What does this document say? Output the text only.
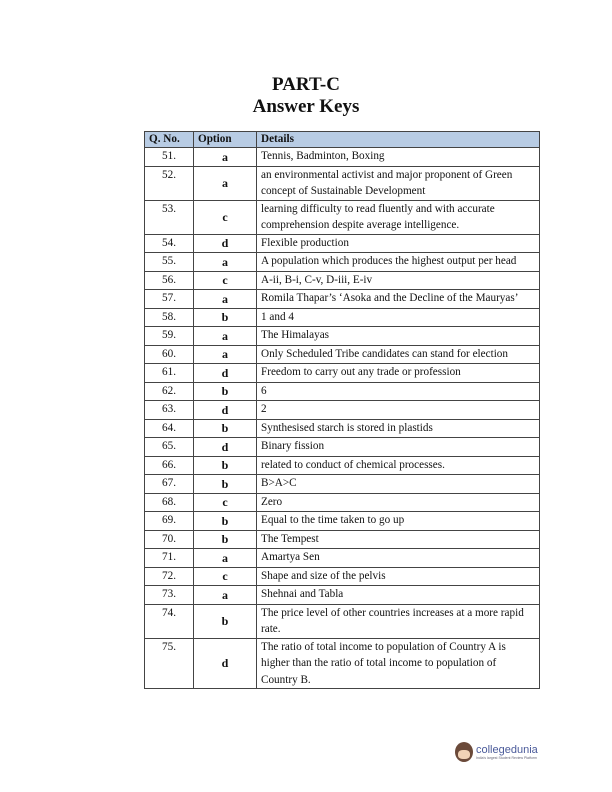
PART-C
Answer Keys
Q. No.	Option	Details
51.	a	Tennis, Badminton, Boxing
52.	a	an environmental activist and major proponent of Green concept of Sustainable Development
53.	c	learning difficulty to read fluently and with accurate comprehension despite average intelligence.
54.	d	Flexible production
55.	a	A population which produces the highest output per head
56.	c	A-ii, B-i, C-v, D-iii, E-iv
57.	a	Romila Thapar’s ‘Asoka and the Decline of the Mauryas’
58.	b	1 and 4
59.	a	The Himalayas
60.	a	Only Scheduled Tribe candidates can stand for election
61.	d	Freedom to carry out any trade or profession
62.	b	6
63.	d	2
64.	b	Synthesised starch is stored in plastids
65.	d	Binary fission
66.	b	related to conduct of chemical processes.
67.	b	B>A>C
68.	c	Zero
69.	b	Equal to the time taken to go up
70.	b	The Tempest
71.	a	Amartya Sen
72.	c	Shape and size of the pelvis
73.	a	Shehnai and Tabla
74.	b	The price level of other countries increases at a more rapid rate.
75.	d	The ratio of total income to population of Country A is higher than the ratio of total income to population of Country B.
collegedunia
India's largest Student Review Platform
